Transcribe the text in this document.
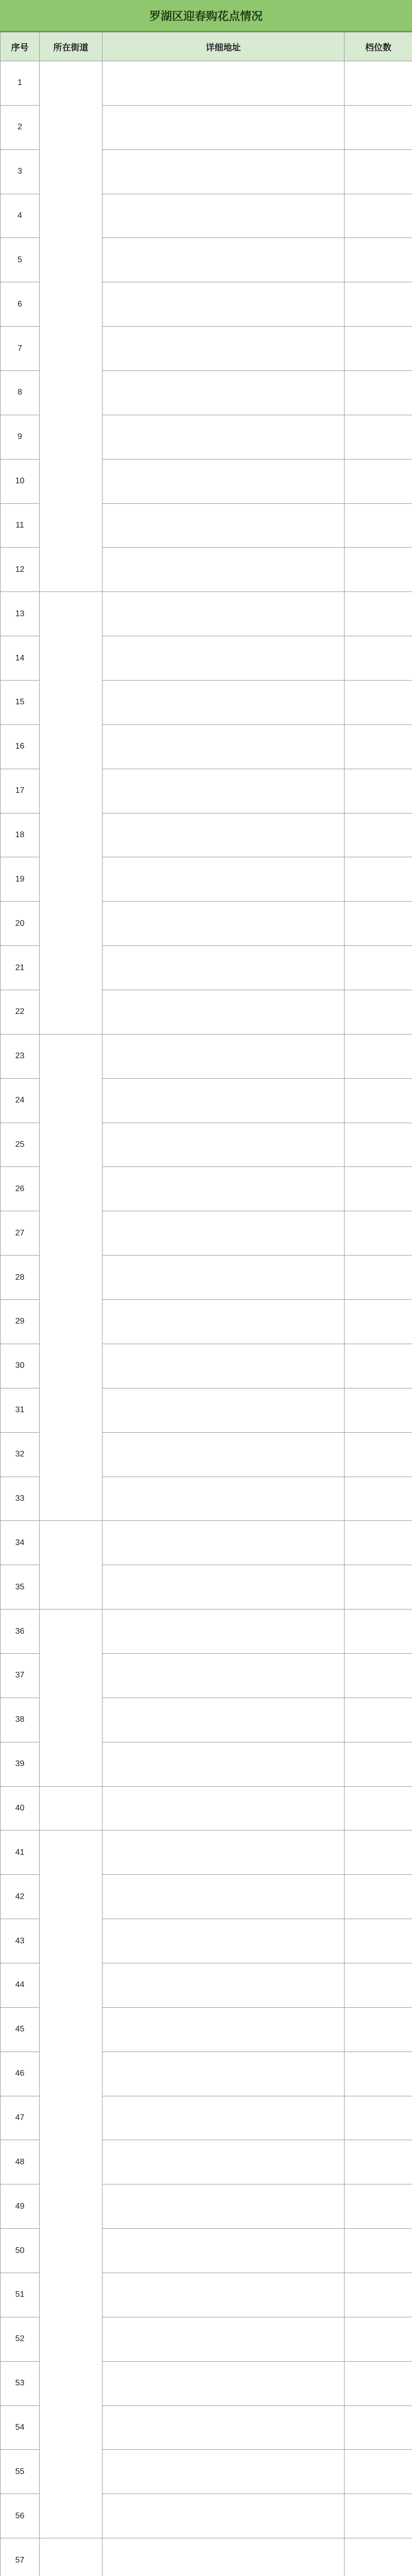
罗湖区迎春购花点情况
序号	所在街道	详细地址	档位数
1			
2			
3			
4			
5			
6			
7			
8			
9			
10			
11			
12			
13			
14			
15			
16			
17			
18			
19			
20			
21			
22			
23			
24			
25			
26			
27			
28			
29			
30			
31			
32			
33			
34			
35			
36			
37			
38			
39			
40			
41			
42			
43			
44			
45			
46			
47			
48			
49			
50			
51			
52			
53			
54			
55			
56			
57			
